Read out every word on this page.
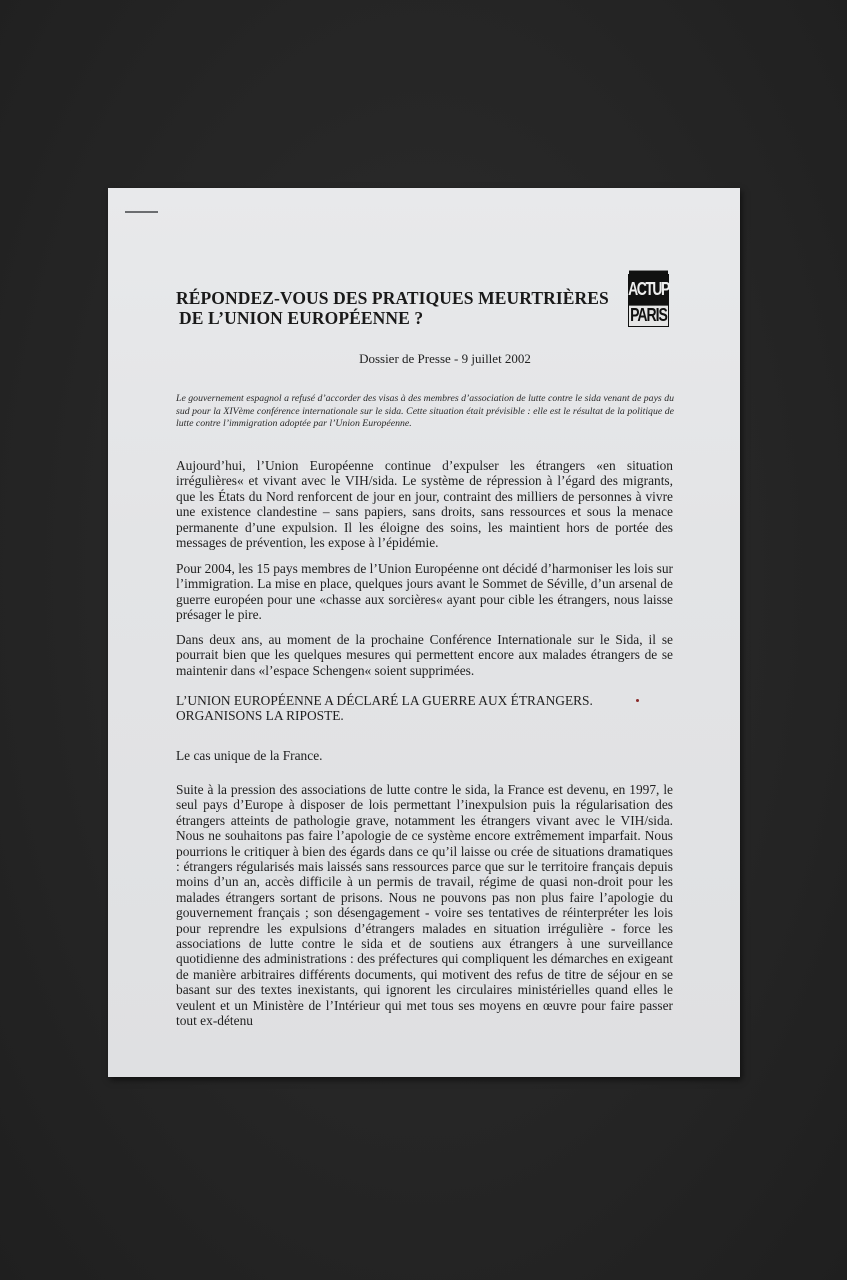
RÉPONDEZ-VOUS DES PRATIQUES MEURTRIÈRES
DE L’UNION EUROPÉENNE ?
ACTUP
PARIS
Dossier de Presse - 9 juillet 2002
Le gouvernement espagnol a refusé d’accorder des visas à des membres d’association de lutte contre le sida venant de pays du sud pour la XIVème conférence internationale sur le sida. Cette situation était prévisible : elle est le résultat de la politique de lutte contre l’immigration adoptée par l’Union Européenne.
Aujourd’hui, l’Union Européenne continue d’expulser les étrangers «en situation irrégulières« et vivant avec le VIH/sida. Le système de répression à l’égard des migrants, que les États du Nord renforcent de jour en jour, contraint des milliers de personnes à vivre une existence clandestine – sans papiers, sans droits, sans ressources et sous la menace permanente d’une expulsion. Il les éloigne des soins, les maintient hors de portée des messages de prévention, les expose à l’épidémie.
Pour 2004, les 15 pays membres de l’Union Européenne ont décidé d’harmoniser les lois sur l’immigration. La mise en place, quelques jours avant le Sommet de Séville, d’un arsenal de guerre européen pour une «chasse aux sorcières« ayant pour cible les étrangers, nous laisse présager le pire.
Dans deux ans, au moment de la prochaine Conférence Internationale sur le Sida, il se pourrait bien que les quelques mesures qui permettent encore aux malades étrangers de se maintenir dans «l’espace Schengen« soient supprimées.
L’UNION EUROPÉENNE A DÉCLARÉ LA GUERRE AUX ÉTRANGERS.
ORGANISONS LA RIPOSTE.
Le cas unique de la France.
Suite à la pression des associations de lutte contre le sida, la France est devenu, en 1997, le seul pays d’Europe à disposer de lois permettant l’inexpulsion puis la régularisation des étrangers atteints de pathologie grave, notamment les étrangers vivant avec le VIH/sida. Nous ne souhaitons pas faire l’apologie de ce système encore extrêmement imparfait. Nous pourrions le critiquer à bien des égards dans ce qu’il laisse ou crée de situations dramatiques : étrangers régularisés mais laissés sans ressources parce que sur le territoire français depuis moins d’un an, accès difficile à un permis de travail, régime de quasi non-droit pour les malades étrangers sortant de prisons. Nous ne pouvons pas non plus faire l’apologie du gouvernement français ; son désengagement - voire ses tentatives de réinterpréter les lois pour reprendre les expulsions d’étrangers malades en situation irrégulière - force les associations de lutte contre le sida et de soutiens aux étrangers à une surveillance quotidienne des administrations : des préfectures qui compliquent les démarches en exigeant de manière arbitraires différents documents, qui motivent des refus de titre de séjour en se basant sur des textes inexistants, qui ignorent les circulaires ministérielles quand elles le veulent et un Ministère de l’Intérieur qui met tous ses moyens en œuvre pour faire passer tout ex-détenu
